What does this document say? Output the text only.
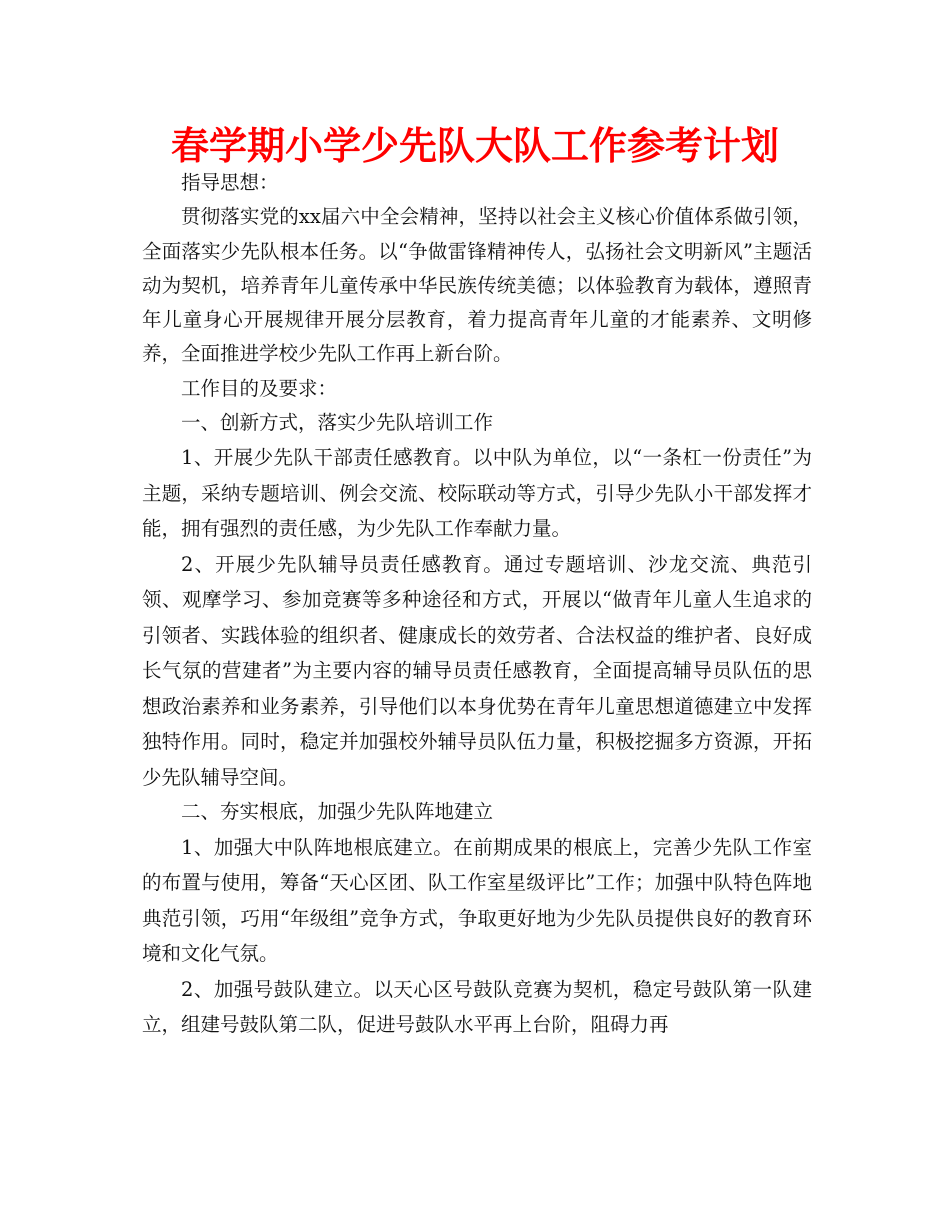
春学期小学少先队大队工作参考计划

指导思想：

贯彻落实党的xx届六中全会精神，坚持以社会主义核心价值体系做引领，全面落实少先队根本任务。以“争做雷锋精神传人，弘扬社会文明新风”主题活动为契机，培养青年儿童传承中华民族传统美德；以体验教育为载体，遵照青年儿童身心开展规律开展分层教育，着力提高青年儿童的才能素养、文明修养，全面推进学校少先队工作再上新台阶。

工作目的及要求：

一、创新方式，落实少先队培训工作

1、开展少先队干部责任感教育。以中队为单位，以“一条杠一份责任”为主题，采纳专题培训、例会交流、校际联动等方式，引导少先队小干部发挥才能，拥有强烈的责任感，为少先队工作奉献力量。

2、开展少先队辅导员责任感教育。通过专题培训、沙龙交流、典范引领、观摩学习、参加竞赛等多种途径和方式，开展以“做青年儿童人生追求的引领者、实践体验的组织者、健康成长的效劳者、合法权益的维护者、良好成长气氛的营建者”为主要内容的辅导员责任感教育，全面提高辅导员队伍的思想政治素养和业务素养，引导他们以本身优势在青年儿童思想道德建立中发挥独特作用。同时，稳定并加强校外辅导员队伍力量，积极挖掘多方资源，开拓少先队辅导空间。

二、夯实根底，加强少先队阵地建立

1、加强大中队阵地根底建立。在前期成果的根底上，完善少先队工作室的布置与使用，筹备“天心区团、队工作室星级评比”工作；加强中队特色阵地典范引领，巧用“年级组”竞争方式，争取更好地为少先队员提供良好的教育环境和文化气氛。

2、加强号鼓队建立。以天心区号鼓队竞赛为契机，稳定号鼓队第一队建立，组建号鼓队第二队，促进号鼓队水平再上台阶，阻碍力再
